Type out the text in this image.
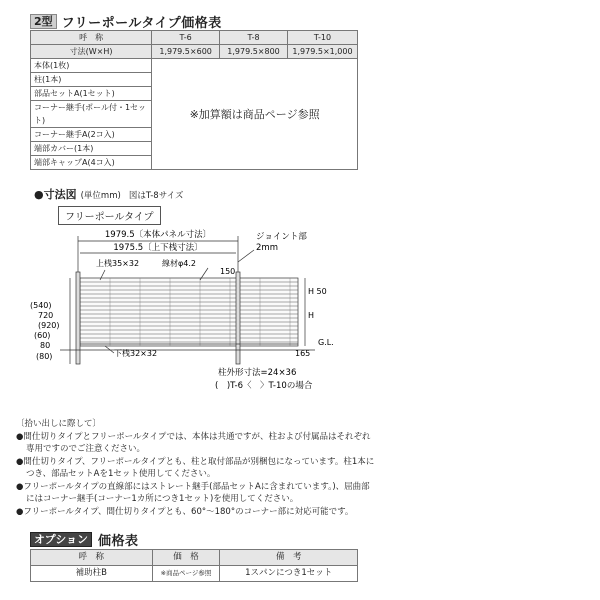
2型 フリーポールタイプ価格表
呼　称	T-6	T-8	T-10
寸法(W×H)	1,979.5×600	1,979.5×800	1,979.5×1,000
本体(1枚)	※加算額は商品ページ参照		
柱(1本)			
部品セットA(1セット)			
コーナー継手(ポール付・1セット)			
コーナー継手A(2コ入)			
端部カバー(1本)			
端部キャップA(4コ入)			
●寸法図 (単位mm) 図はT-8サイズ
フリーポールタイプ
1979.5〔本体パネル寸法〕
1975.5〔上下桟寸法〕
ジョイント部
2mm
上桟35×32	線材φ4.2
150
(540)
720
(920)
(60)
80
(80)	下桟32×32	165
G.L.
H 50
H
柱外形寸法=24×36
(　)T-6〈　〉T-10の場合
〔拾い出しに際して〕
●間仕切りタイプとフリーポールタイプでは、本体は共通ですが、柱および付属品はそれぞれ
専用ですのでご注意ください。
●間仕切りタイプ、フリーポールタイプとも、柱と取付部品が別梱包になっています。柱1本に
つき、部品セットAを1セット使用してください。
●フリーポールタイプの直線部にはストレート継手(部品セットAに含まれています。)、屈曲部
にはコーナー継手(コーナー1カ所につき1セット)を使用してください。
●フリーポールタイプ、間仕切りタイプとも、60°～180°のコーナー部に対応可能です。
オプション 価格表
呼　称	価　格	備　考
補助柱B	※商品ページ参照	1スパンにつき1セット
